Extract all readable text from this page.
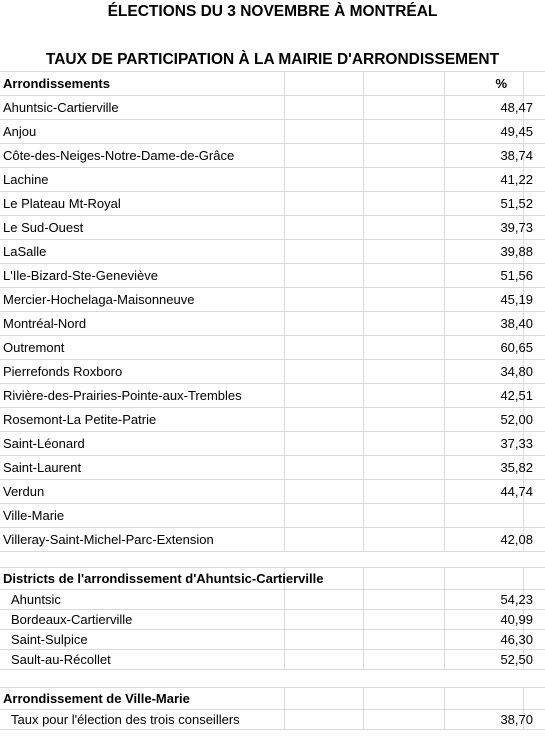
ÉLECTIONS DU 3 NOVEMBRE À MONTRÉAL
TAUX DE PARTICIPATION À LA MAIRIE D'ARRONDISSEMENT
Arrondissements	%
Ahuntsic-Cartierville	48,47
Anjou	49,45
Côte-des-Neiges-Notre-Dame-de-Grâce	38,74
Lachine	41,22
Le Plateau Mt-Royal	51,52
Le Sud-Ouest	39,73
LaSalle	39,88
L'Ile-Bizard-Ste-Geneviève	51,56
Mercier-Hochelaga-Maisonneuve	45,19
Montréal-Nord	38,40
Outremont	60,65
Pierrefonds Roxboro	34,80
Rivière-des-Prairies-Pointe-aux-Trembles	42,51
Rosemont-La Petite-Patrie	52,00
Saint-Léonard	37,33
Saint-Laurent	35,82
Verdun	44,74
Ville-Marie
Villeray-Saint-Michel-Parc-Extension	42,08
Districts de l'arrondissement d'Ahuntsic-Cartierville
Ahuntsic	54,23
Bordeaux-Cartierville	40,99
Saint-Sulpice	46,30
Sault-au-Récollet	52,50
Arrondissement de Ville-Marie
Taux pour l'élection des trois conseillers	38,70
